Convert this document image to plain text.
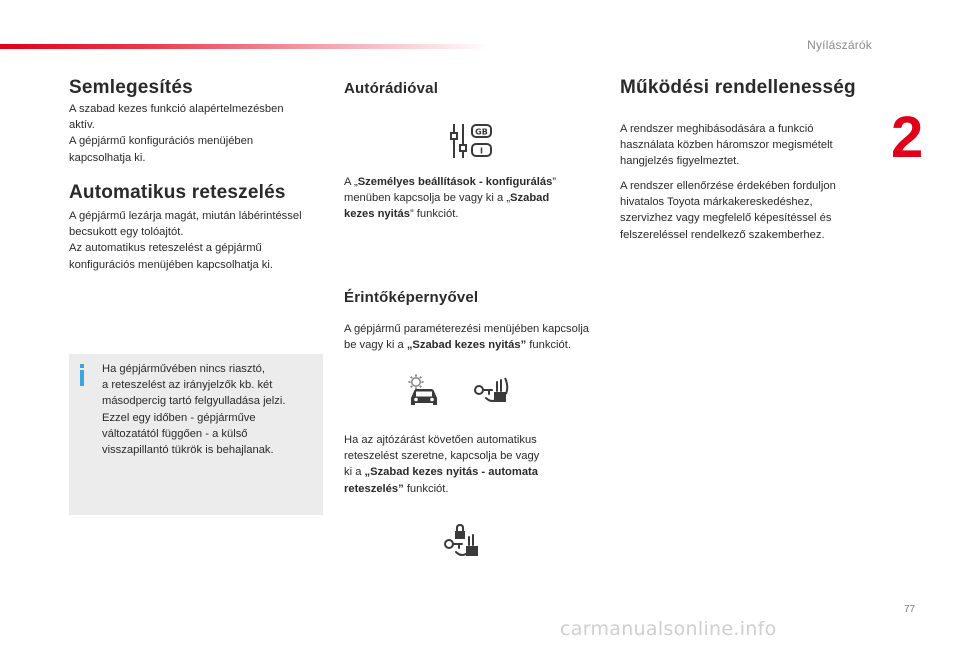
Nyílászárók
2
77
carmanualsonline.info
Semlegesítés

A szabad kezes funkció alapértelmezésben
aktív.
A gépjármű konfigurációs menüjében
kapcsolhatja ki.

Automatikus reteszelés

A gépjármű lezárja magát, miután lábérintéssel
becsukott egy tolóajtót.
Az automatikus reteszelést a gépjármű
konfigurációs menüjében kapcsolhatja ki.

Ha gépjárművében nincs riasztó,
a reteszelést az irányjelzők kb. két
másodpercig tartó felgyulladása jelzi.
Ezzel egy időben - gépjárműve
változatától függően - a külső
visszapillantó tükrök is behajlanak.

Autórádióval
GB
I

A „Személyes beállítások - konfigurálás”
menüben kapcsolja be vagy ki a „Szabad
kezes nyitás” funkciót.

Érintőképernyővel

A gépjármű paraméterezési menüjében kapcsolja
be vagy ki a „Szabad kezes nyitás” funkciót.

Ha az ajtózárást követően automatikus
reteszelést szeretne, kapcsolja be vagy
ki a „Szabad kezes nyitás - automata
reteszelés” funkciót.

Működési rendellenesség

A rendszer meghibásodására a funkció
használata közben háromszor megismételt
hangjelzés figyelmeztet.

A rendszer ellenőrzése érdekében forduljon
hivatalos Toyota márkakereskedéshez,
szervizhez vagy megfelelő képesítéssel és
felszereléssel rendelkező szakemberhez.
